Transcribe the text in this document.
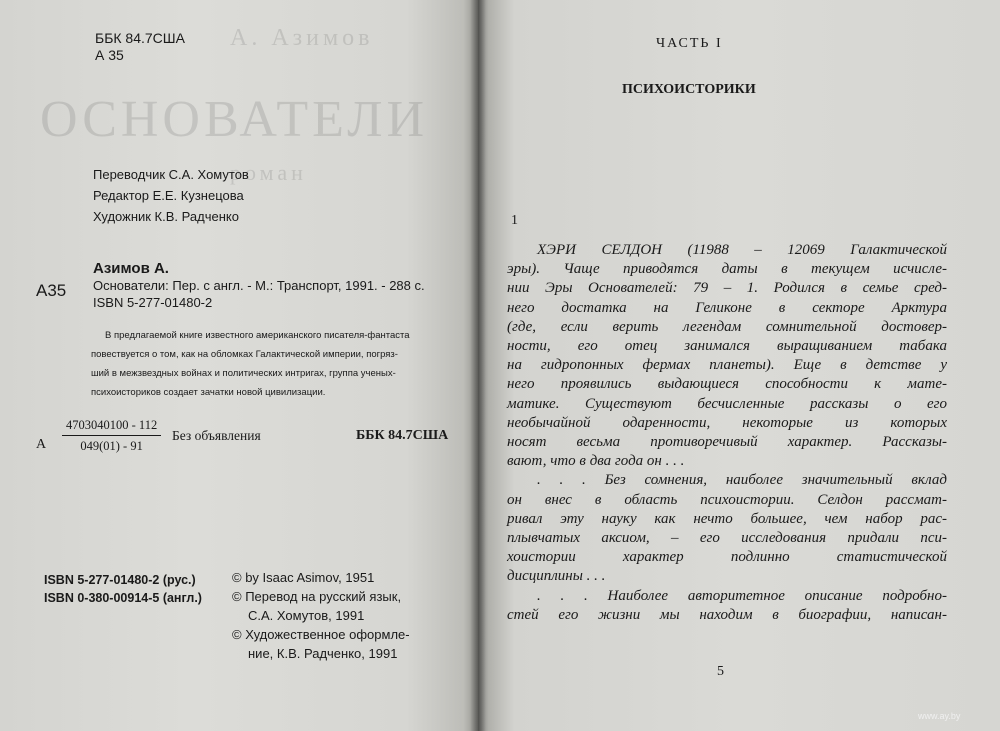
А. Азимов
ОСНОВАТЕЛИ
роман
ББК 84.7США
А 35
Переводчик С.А. Хомутов
Редактор Е.Е. Кузнецова
Художник К.В. Радченко
Азимов А.
А35 Основатели: Пер. с англ. - М.: Транспорт, 1991. - 288 с.
ISBN 5-277-01480-2
В предлагаемой книге известного американского писателя-фантаста
повествуется о том, как на обломках Галактической империи, погряз-
ший в межзвездных войнах и политических интригах, группа ученых-
психоисториков создает зачатки новой цивилизации.
А $\frac{4703040100 - 112}{049(01) - 91}$ Без объявления	ББК 84.7США
ISBN 5-277-01480-2 (рус.)
ISBN 0-380-00914-5 (англ.)
© by Isaac Asimov, 1951
© Перевод на русский язык,
С.А. Хомутов, 1991
© Художественное оформле-
ние, К.В. Радченко, 1991
ЧАСТЬ I
ПСИХОИСТОРИКИ
1
ХЭРИ СЕЛДОН (11988 – 12069 Галактической
эры). Чаще приводятся даты в текущем исчисле-
нии Эры Основателей: 79 – 1. Родился в семье сред-
него достатка на Геликоне в секторе Арктура
(где, если верить легендам сомнительной достовер-
ности, его отец занимался выращиванием табака
на гидропонных фермах планеты). Еще в детстве у
него проявились выдающиеся способности к мате-
матике. Существуют бесчисленные рассказы о его
необычайной одаренности, некоторые из которых
носят весьма противоречивый характер. Рассказы-
вают, что в два года он . . .
. . . Без сомнения, наиболее значительный вклад
он внес в область психоистории. Селдон рассмат-
ривал эту науку как нечто большее, чем набор рас-
плывчатых аксиом, – его исследования придали пси-
хоистории характер подлинно статистической
дисциплины . . .
. . . Наиболее авторитетное описание подробно-
стей его жизни мы находим в биографии, написан-
5
www.ay.by
